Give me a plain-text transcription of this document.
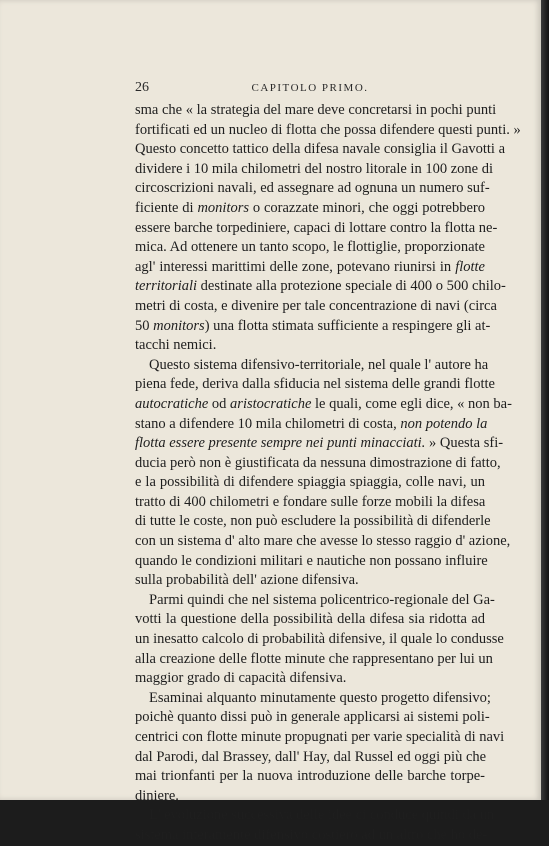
26	CAPITOLO PRIMO.
sma che « la strategia del mare deve concretarsi in pochi punti
fortificati ed un nucleo di flotta che possa difendere questi punti. »
Questo concetto tattico della difesa navale consiglia il Gavotti a
dividere i 10 mila chilometri del nostro litorale in 100 zone di
circoscrizioni navali, ed assegnare ad ognuna un numero suf-
ficiente di monitors o corazzate minori, che oggi potrebbero
essere barche torpediniere, capaci di lottare contro la flotta ne-
mica. Ad ottenere un tanto scopo, le flottiglie, proporzionate
agl' interessi marittimi delle zone, potevano riunirsi in flotte
territoriali destinate alla protezione speciale di 400 o 500 chilo-
metri di costa, e divenire per tale concentrazione di navi (circa
50 monitors) una flotta stimata sufficiente a respingere gli at-
tacchi nemici.
Questo sistema difensivo-territoriale, nel quale l' autore ha
piena fede, deriva dalla sfiducia nel sistema delle grandi flotte
autocratiche od aristocratiche le quali, come egli dice, « non ba-
stano a difendere 10 mila chilometri di costa, non potendo la
flotta essere presente sempre nei punti minacciati. » Questa sfi-
ducia però non è giustificata da nessuna dimostrazione di fatto,
e la possibilità di difendere spiaggia spiaggia, colle navi, un
tratto di 400 chilometri e fondare sulle forze mobili la difesa
di tutte le coste, non può escludere la possibilità di difenderle
con un sistema d' alto mare che avesse lo stesso raggio d' azione,
quando le condizioni militari e nautiche non possano influire
sulla probabilità dell' azione difensiva.
Parmi quindi che nel sistema policentrico-regionale del Ga-
votti la questione della possibilità della difesa sia ridotta ad
un inesatto calcolo di probabilità difensive, il quale lo condusse
alla creazione delle flotte minute che rappresentano per lui un
maggior grado di capacità difensiva.
Esaminai alquanto minutamente questo progetto difensivo;
poichè quanto dissi può in generale applicarsi ai sistemi poli-
centrici con flotte minute propugnati per varie specialità di navi
dal Parodi, dal Brassey, dall' Hay, dal Russel ed oggi più che
mai trionfanti per la nuova introduzione delle barche torpe-
diniere.
L' evoluzione successiva delle idee ci conduce quindi da un
sistema interamente difensivo costiero ad un altro che ho de-
